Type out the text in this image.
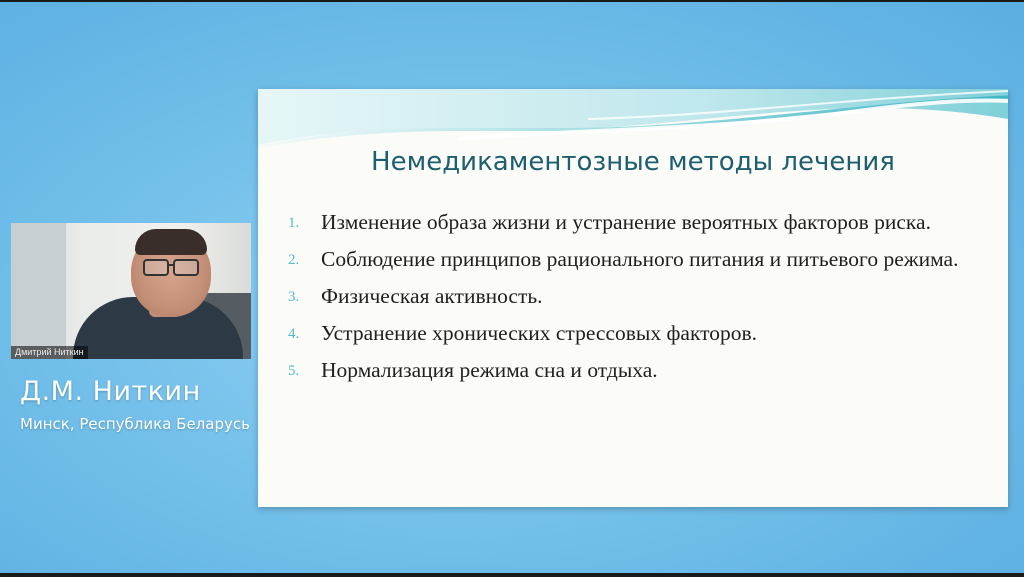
Дмитрий Ниткин
Д.М. Ниткин
Минск, Республика Беларусь
Немедикаментозные методы лечения
1. Изменение образа жизни и устранение вероятных факторов риска.
2. Соблюдение принципов рационального питания и питьевого режима.
3. Физическая активность.
4. Устранение хронических стрессовых факторов.
5. Нормализация режима сна и отдыха.
